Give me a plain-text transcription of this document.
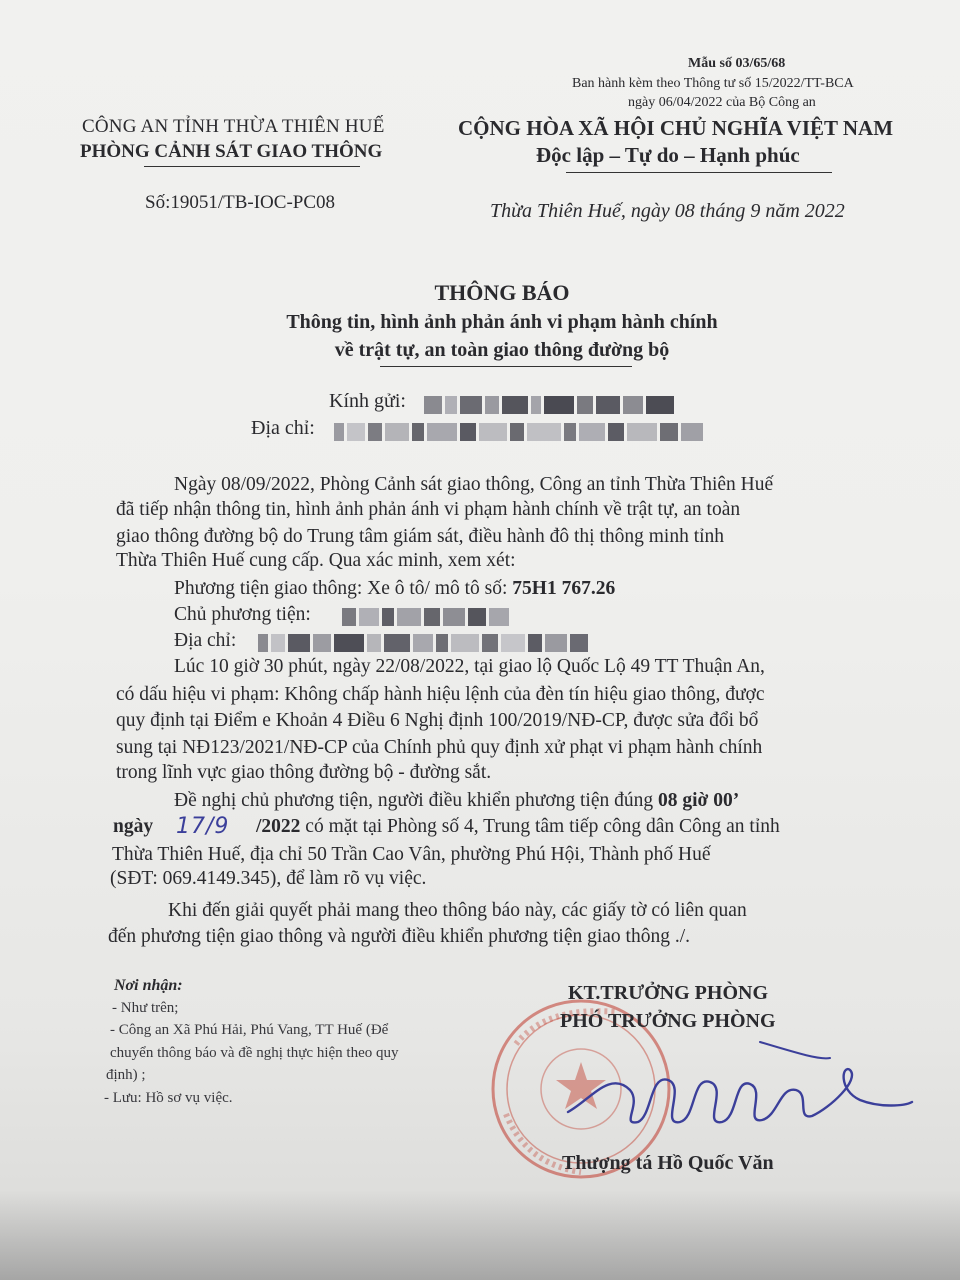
Mẫu số 03/65/68
Ban hành kèm theo Thông tư số 15/2022/TT-BCA
ngày 06/04/2022 của Bộ Công an
CÔNG AN TỈNH THỪA THIÊN HUẾ
PHÒNG CẢNH SÁT GIAO THÔNG
Số:19051/TB-IOC-PC08
CỘNG HÒA XÃ HỘI CHỦ NGHĨA VIỆT NAM
Độc lập – Tự do – Hạnh phúc
Thừa Thiên Huế, ngày 08 tháng 9 năm 2022
THÔNG BÁO
Thông tin, hình ảnh phản ánh vi phạm hành chính
về trật tự, an toàn giao thông đường bộ
Kính gửi:
Địa chỉ:
Ngày 08/09/2022, Phòng Cảnh sát giao thông, Công an tỉnh Thừa Thiên Huế
đã tiếp nhận thông tin, hình ảnh phản ánh vi phạm hành chính về trật tự, an toàn
giao thông đường bộ do Trung tâm giám sát, điều hành đô thị thông minh tỉnh
Thừa Thiên Huế cung cấp. Qua xác minh, xem xét:
Phương tiện giao thông: Xe ô tô/ mô tô số: 75H1 767.26
Chủ phương tiện:
Địa chỉ:
Lúc 10 giờ 30 phút, ngày 22/08/2022, tại giao lộ Quốc Lộ 49 TT Thuận An,
có dấu hiệu vi phạm: Không chấp hành hiệu lệnh của đèn tín hiệu giao thông, được
quy định tại Điểm e Khoản 4 Điều 6 Nghị định 100/2019/NĐ-CP, được sửa đổi bổ
sung tại NĐ123/2021/NĐ-CP của Chính phủ quy định xử phạt vi phạm hành chính
trong lĩnh vực giao thông đường bộ - đường sắt.
Đề nghị chủ phương tiện, người điều khiển phương tiện đúng 08 giờ 00’
ngày 17/9 /2022 có mặt tại Phòng số 4, Trung tâm tiếp công dân Công an tỉnh
Thừa Thiên Huế, địa chỉ 50 Trần Cao Vân, phường Phú Hội, Thành phố Huế
(SĐT: 069.4149.345), để làm rõ vụ việc.
Khi đến giải quyết phải mang theo thông báo này, các giấy tờ có liên quan
đến phương tiện giao thông và người điều khiển phương tiện giao thông ./.
Nơi nhận:
- Như trên;
- Công an Xã Phú Hải, Phú Vang, TT Huế (Để
chuyển thông báo và đề nghị thực hiện theo quy
định) ;
- Lưu: Hồ sơ vụ việc.
KT.TRƯỞNG PHÒNG
PHÓ TRƯỞNG PHÒNG
Thượng tá Hồ Quốc Văn
